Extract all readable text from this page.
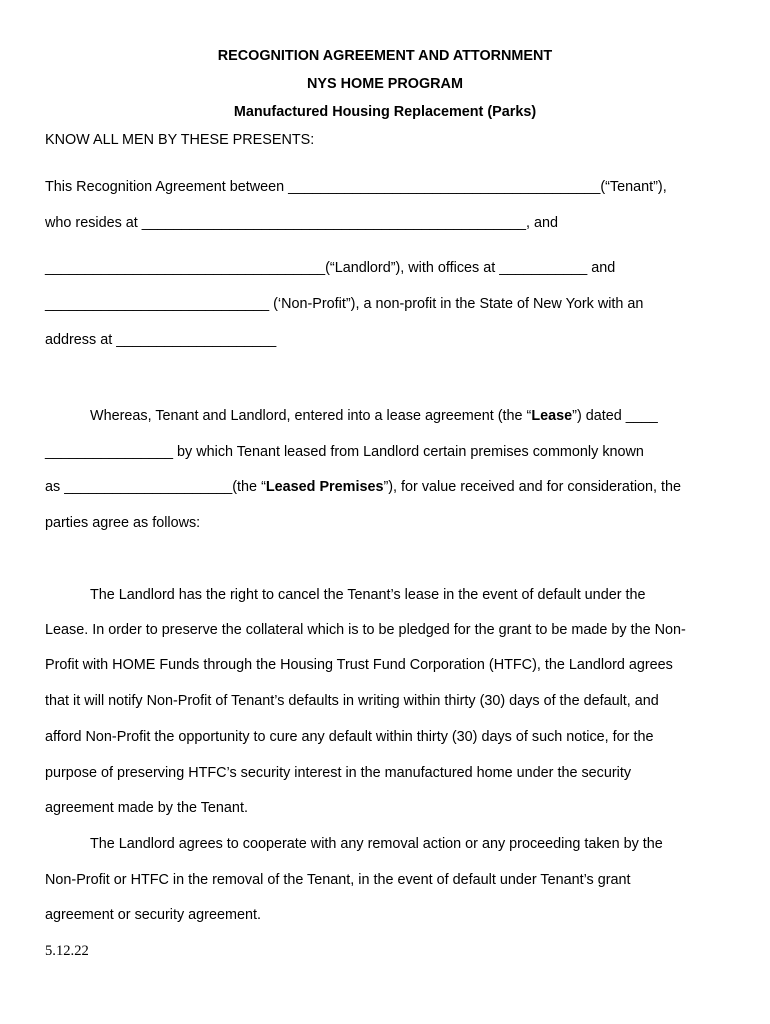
RECOGNITION AGREEMENT AND ATTORNMENT
NYS HOME PROGRAM
Manufactured Housing Replacement (Parks)
KNOW ALL MEN BY THESE PRESENTS:
This Recognition Agreement between _______________________________________(“Tenant”),
who resides at ________________________________________________, and
___________________________________(“Landlord”), with offices at ___________ and
____________________________ (‘Non-Profit”), a non-profit in the State of New York with an
address at ____________________
Whereas, Tenant and Landlord, entered into a lease agreement (the “Lease”) dated ____
________________ by which Tenant leased from Landlord certain premises commonly known
as _____________________(the “Leased Premises”), for value received and for consideration, the
parties agree as follows:
The Landlord has the right to cancel the Tenant’s lease in the event of default under the
Lease. In order to preserve the collateral which is to be pledged for the grant to be made by the Non-
Profit with HOME Funds through the Housing Trust Fund Corporation (HTFC), the Landlord agrees
that it will notify Non-Profit of Tenant’s defaults in writing within thirty (30) days of the default, and
afford Non-Profit the opportunity to cure any default within thirty (30) days of such notice, for the
purpose of preserving HTFC’s security interest in the manufactured home under the security
agreement made by the Tenant.
The Landlord agrees to cooperate with any removal action or any proceeding taken by the
Non-Profit or HTFC in the removal of the Tenant, in the event of default under Tenant’s grant
agreement or security agreement.
5.12.22
